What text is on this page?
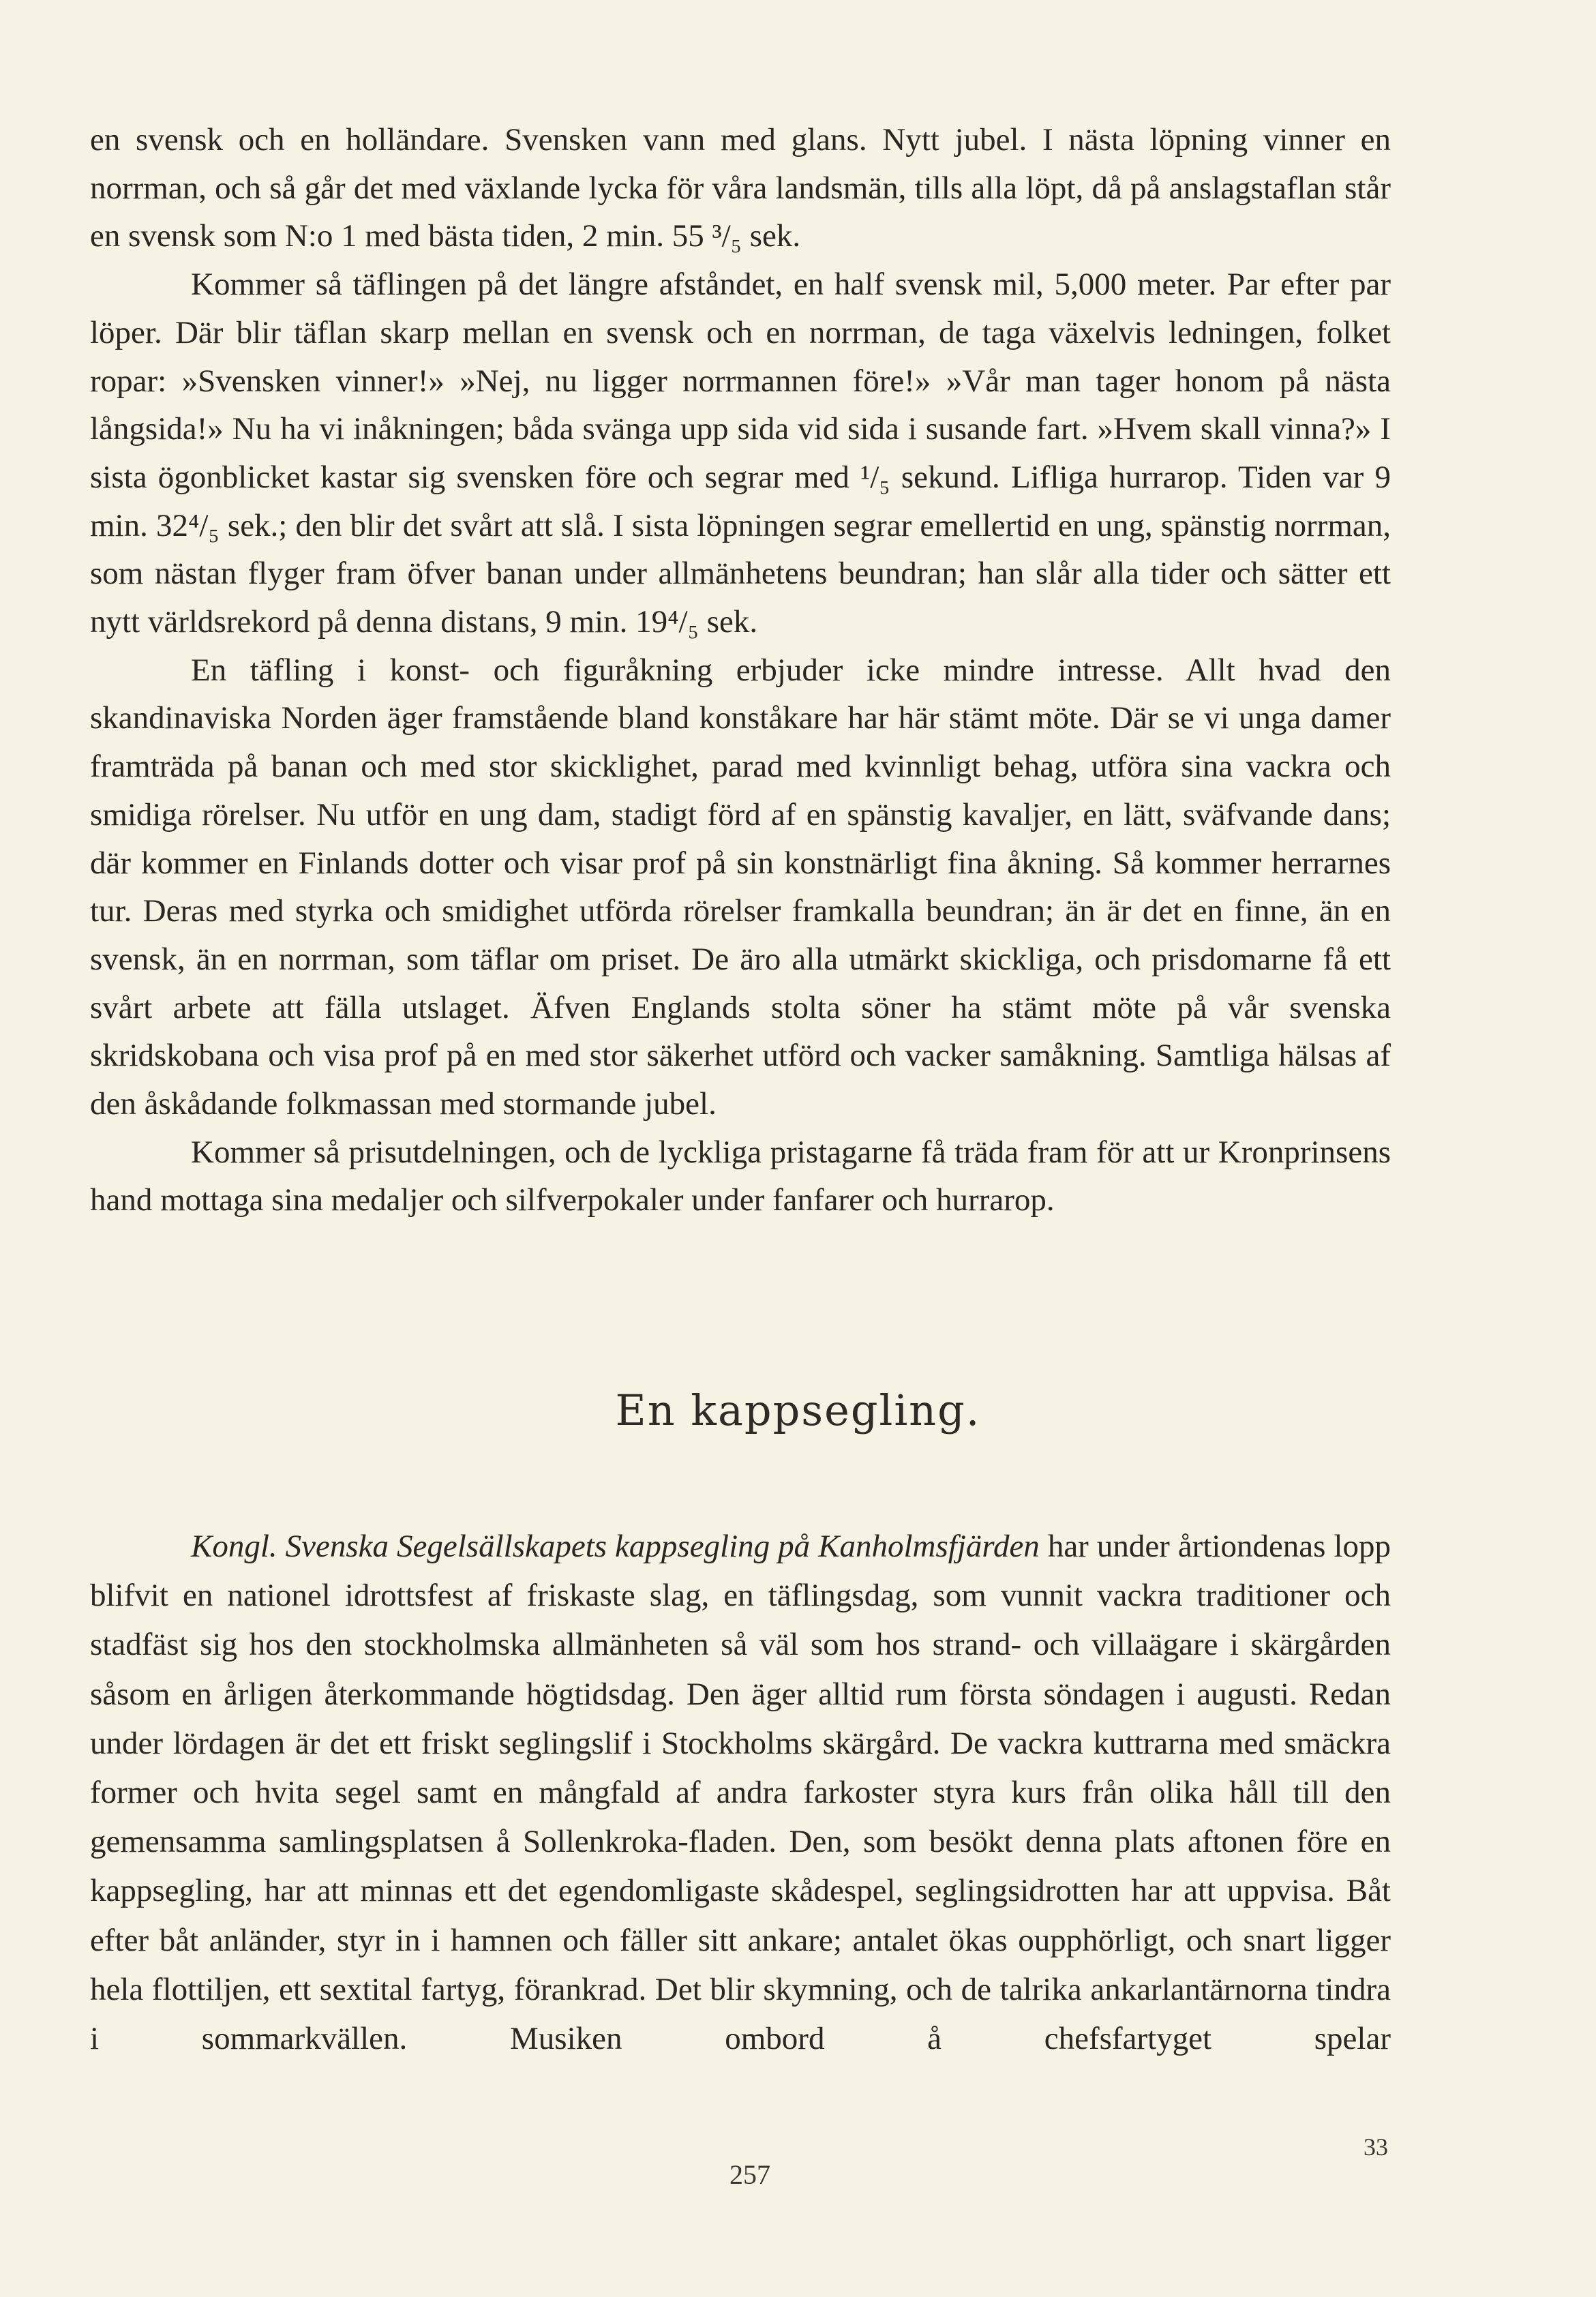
en svensk och en holländare. Svensken vann med glans. Nytt jubel. I nästa löpning vinner en norrman, och så går det med växlande lycka för våra landsmän, tills alla löpt, då på anslagstaflan står en svensk som N:o 1 med bästa tiden, 2 min. 55 ³/₅ sek.

Kommer så täflingen på det längre afståndet, en half svensk mil, 5,000 meter. Par efter par löper. Där blir täflan skarp mellan en svensk och en norrman, de taga växelvis ledningen, folket ropar: »Svensken vinner!» »Nej, nu ligger norrmannen före!» »Vår man tager honom på nästa långsida!» Nu ha vi inåkningen; båda svänga upp sida vid sida i susande fart. »Hvem skall vinna?» I sista ögonblicket kastar sig svensken före och segrar med ¹/₅ sekund. Lifliga hurrarop. Tiden var 9 min. 32⁴/₅ sek.; den blir det svårt att slå. I sista löpningen segrar emellertid en ung, spänstig norrman, som nästan flyger fram öfver banan under allmänhetens beundran; han slår alla tider och sätter ett nytt världsrekord på denna distans, 9 min. 19⁴/₅ sek.

En täfling i konst- och figuråkning erbjuder icke mindre intresse. Allt hvad den skandinaviska Norden äger framstående bland konståkare har här stämt möte. Där se vi unga damer framträda på banan och med stor skicklighet, parad med kvinnligt behag, utföra sina vackra och smidiga rörelser. Nu utför en ung dam, stadigt förd af en spänstig kavaljer, en lätt, sväfvande dans; där kommer en Finlands dotter och visar prof på sin konstnärligt fina åkning. Så kommer herrarnes tur. Deras med styrka och smidighet utförda rörelser framkalla beundran; än är det en finne, än en svensk, än en norrman, som täflar om priset. De äro alla utmärkt skickliga, och prisdomarne få ett svårt arbete att fälla utslaget. Äfven Englands stolta söner ha stämt möte på vår svenska skridskobana och visa prof på en med stor säkerhet utförd och vacker samåkning. Samtliga hälsas af den åskådande folkmassan med stormande jubel.

Kommer så prisutdelningen, och de lyckliga pristagarne få träda fram för att ur Kronprinsens hand mottaga sina medaljer och silfverpokaler under fanfarer och hurrarop.

En kappsegling.

Kongl. Svenska Segelsällskapets kappsegling på Kanholmsfjärden har under årtiondenas lopp blifvit en nationel idrottsfest af friskaste slag, en täflingsdag, som vunnit vackra traditioner och stadfäst sig hos den stockholmska allmänheten så väl som hos strand- och villaägare i skärgården såsom en årligen återkommande högtidsdag. Den äger alltid rum första söndagen i augusti. Redan under lördagen är det ett friskt seglingslif i Stockholms skärgård. De vackra kuttrarna med smäckra former och hvita segel samt en mångfald af andra farkoster styra kurs från olika håll till den gemensamma samlingsplatsen å Sollenkroka-fladen. Den, som besökt denna plats aftonen före en kappsegling, har att minnas ett det egendomligaste skådespel, seglingsidrotten har att uppvisa. Båt efter båt anländer, styr in i hamnen och fäller sitt ankare; antalet ökas oupphörligt, och snart ligger hela flottiljen, ett sextital fartyg, förankrad. Det blir skymning, och de talrika ankarlantärnorna tindra i sommarkvällen. Musiken ombord å chefsfartyget spelar

257
33
